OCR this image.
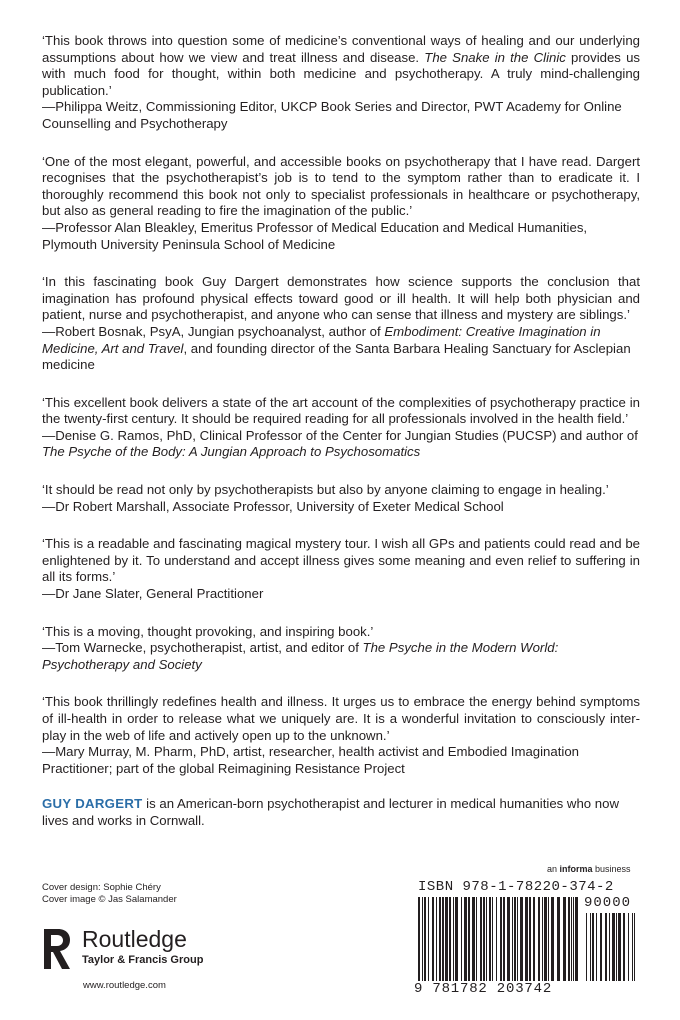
‘This book throws into question some of medicine’s conventional ways of healing and our underlying assumptions about how we view and treat illness and disease. The Snake in the Clinic provides us with much food for thought, within both medicine and psychotherapy. A truly mind-challenging publication.’
—Philippa Weitz, Commissioning Editor, UKCP Book Series and Director, PWT Academy for Online Counselling and Psychotherapy
‘One of the most elegant, powerful, and accessible books on psychotherapy that I have read. Dargert recognises that the psychotherapist’s job is to tend to the symptom rather than to eradicate it. I thoroughly recommend this book not only to specialist professionals in healthcare or psychotherapy, but also as general reading to fire the imagination of the public.’
—Professor Alan Bleakley, Emeritus Professor of Medical Education and Medical Humanities, Plymouth University Peninsula School of Medicine
‘In this fascinating book Guy Dargert demonstrates how science supports the conclusion that imagination has profound physical effects toward good or ill health. It will help both physician and patient, nurse and psychotherapist, and anyone who can sense that illness and mystery are siblings.’
—Robert Bosnak, PsyA, Jungian psychoanalyst, author of Embodiment: Creative Imagination in Medicine, Art and Travel, and founding director of the Santa Barbara Healing Sanctuary for Asclepian medicine
‘This excellent book delivers a state of the art account of the complexities of psychotherapy practice in the twenty-first century. It should be required reading for all professionals involved in the health field.’
—Denise G. Ramos, PhD, Clinical Professor of the Center for Jungian Studies (PUCSP) and author of The Psyche of the Body: A Jungian Approach to Psychosomatics
‘It should be read not only by psychotherapists but also by anyone claiming to engage in healing.’
—Dr Robert Marshall, Associate Professor, University of Exeter Medical School
‘This is a readable and fascinating magical mystery tour. I wish all GPs and patients could read and be enlightened by it. To understand and accept illness gives some meaning and even relief to suffering in all its forms.’
—Dr Jane Slater, General Practitioner
‘This is a moving, thought provoking, and inspiring book.’
—Tom Warnecke, psychotherapist, artist, and editor of The Psyche in the Modern World: Psychotherapy and Society
‘This book thrillingly redefines health and illness. It urges us to embrace the energy behind symptoms of ill-health in order to release what we uniquely are. It is a wonderful invitation to consciously inter-play in the web of life and actively open up to the unknown.’
—Mary Murray, M. Pharm, PhD, artist, researcher, health activist and Embodied Imagination Practitioner; part of the global Reimagining Resistance Project
GUY DARGERT is an American-born psychotherapist and lecturer in medical humanities who now lives and works in Cornwall.
Cover design: Sophie Chéry
Cover image © Jas Salamander
Routledge
Taylor & Francis Group
www.routledge.com
an informa business
ISBN 978-1-78220-374-2
90000
9 781782 203742
